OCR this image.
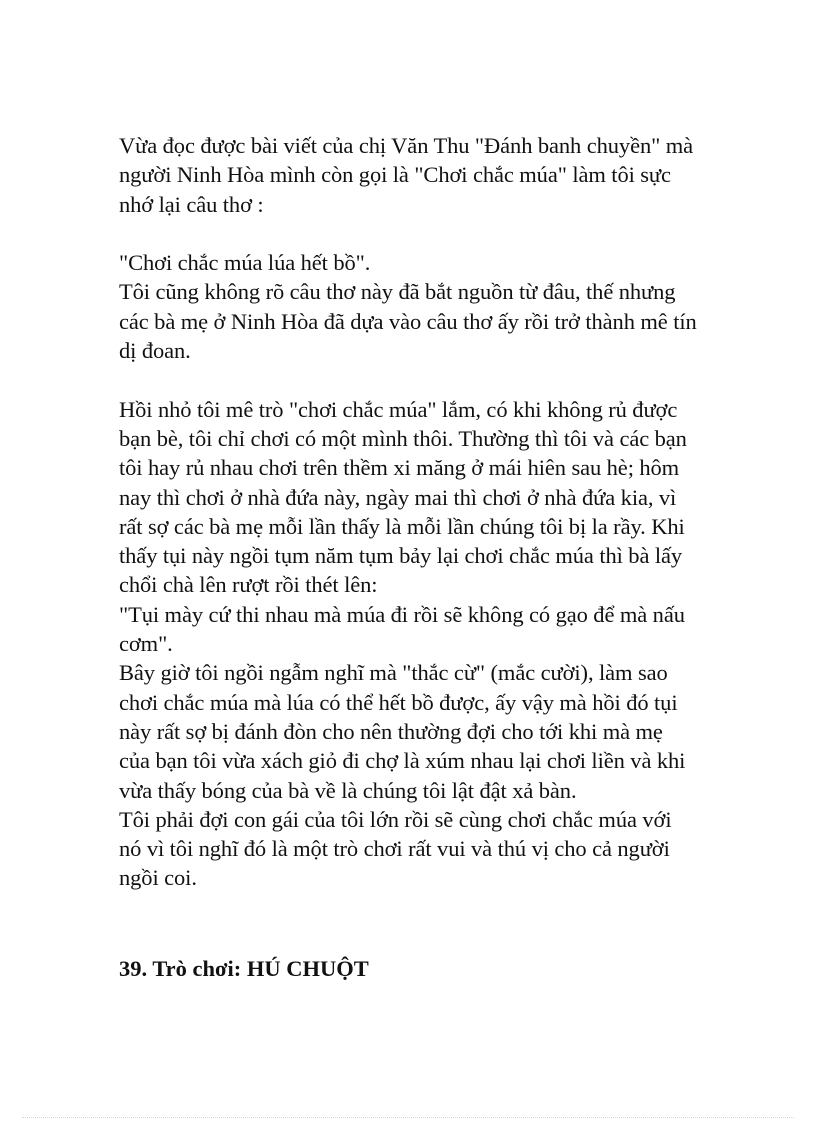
Vừa đọc được bài viết của chị Văn Thu "Đánh banh chuyền" mà
người Ninh Hòa mình còn gọi là "Chơi chắc múa" làm tôi sực
nhớ lại câu thơ :
"Chơi chắc múa lúa hết bồ".
Tôi cũng không rõ câu thơ này đã bắt nguồn từ đâu, thế nhưng
các bà mẹ ở Ninh Hòa đã dựa vào câu thơ ấy rồi trở thành mê tín
dị đoan.
Hồi nhỏ tôi mê trò "chơi chắc múa" lắm, có khi không rủ được
bạn bè, tôi chỉ chơi có một mình thôi. Thường thì tôi và các bạn
tôi hay rủ nhau chơi trên thềm xi măng ở mái hiên sau hè; hôm
nay thì chơi ở nhà đứa này, ngày mai thì chơi ở nhà đứa kia, vì
rất sợ các bà mẹ mỗi lần thấy là mỗi lần chúng tôi bị la rầy. Khi
thấy tụi này ngồi tụm năm tụm bảy lại chơi chắc múa thì bà lấy
chổi chà lên rượt rồi thét lên:
"Tụi mày cứ thi nhau mà múa đi rồi sẽ không có gạo để mà nấu
cơm".
Bây giờ tôi ngồi ngẫm nghĩ mà "thắc cừ" (mắc cười), làm sao
chơi chắc múa mà lúa có thể hết bồ được, ấy vậy mà hồi đó tụi
này rất sợ bị đánh đòn cho nên thường đợi cho tới khi mà mẹ
của bạn tôi vừa xách giỏ đi chợ là xúm nhau lại chơi liền và khi
vừa thấy bóng của bà về là chúng tôi lật đật xả bàn.
Tôi phải đợi con gái của tôi lớn rồi sẽ cùng chơi chắc múa với
nó vì tôi nghĩ đó là một trò chơi rất vui và thú vị cho cả người
ngồi coi.
39. Trò chơi: HÚ CHUỘT
